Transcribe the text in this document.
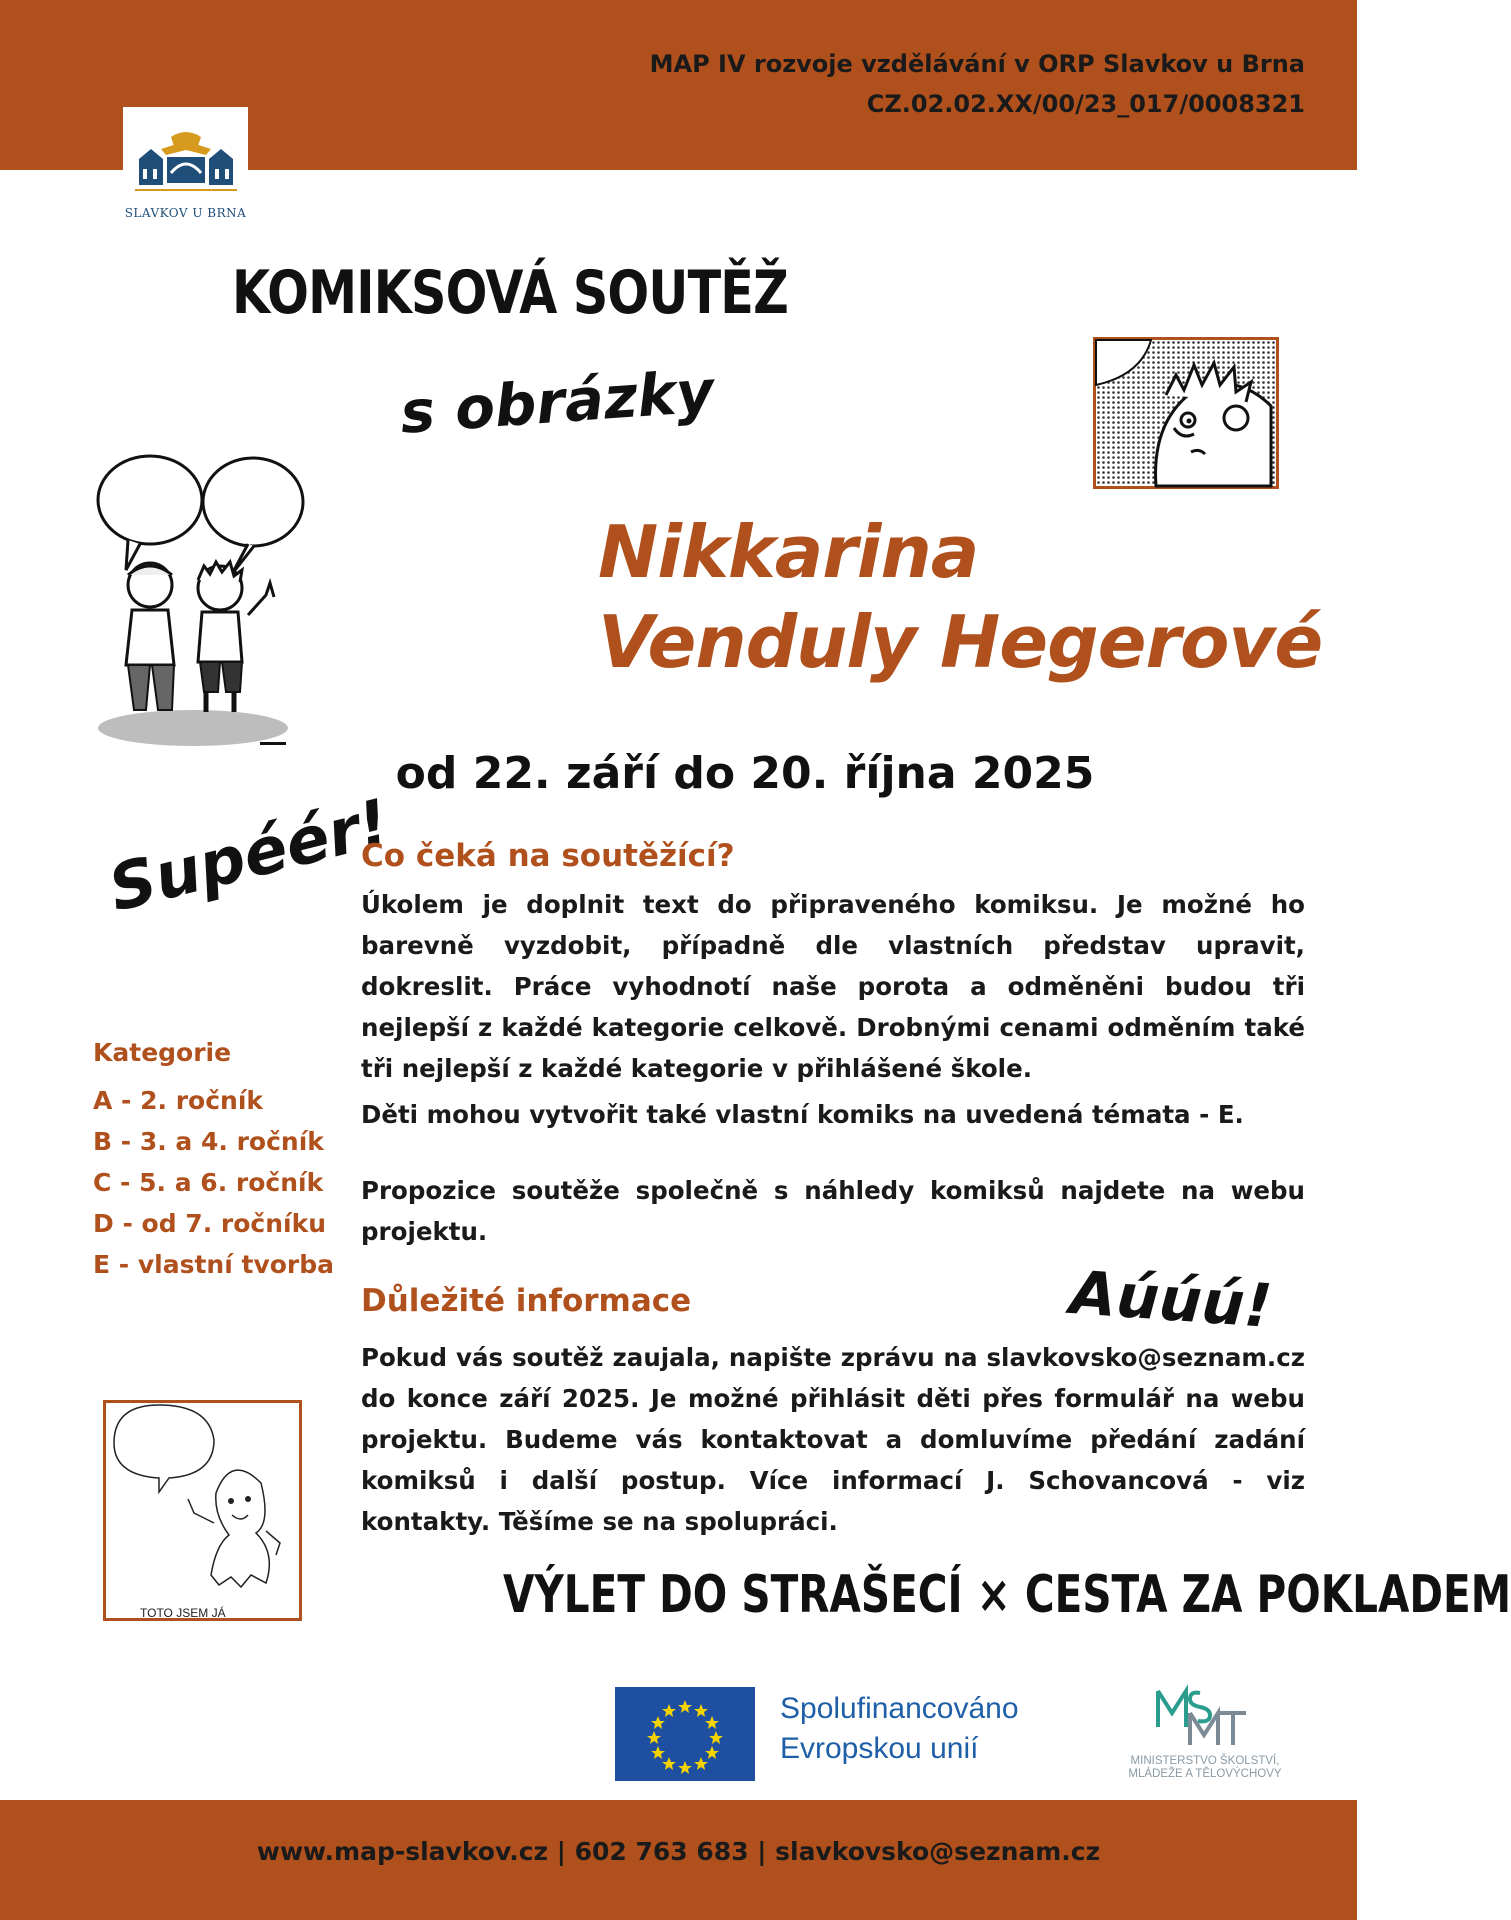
MAP IV rozvoje vzdělávání v ORP Slavkov u Brna
CZ.02.02.XX/00/23_017/0008321
SLAVKOV U BRNA
KOMIKSOVÁ SOUTĚŽ
s obrázky
Nikkarina
Venduly Hegerové
od 22. září do 20. října 2025
Supéér!
Aúúú!
Kategorie
A - 2. ročník
B - 3. a 4. ročník
C - 5. a 6. ročník
D - od 7. ročníku
E - vlastní tvorba
Co čeká na soutěžící?
Úkolem je doplnit text do připraveného komiksu. Je možné ho barevně vyzdobit, případně dle vlastních představ upravit, dokreslit. Práce vyhodnotí naše porota a odměněni budou tři nejlepší z každé kategorie celkově. Drobnými cenami odměním také tři nejlepší z každé kategorie v přihlášené škole.
Děti mohou vytvořit také vlastní komiks na uvedená témata - E.
Propozice soutěže společně s náhledy komiksů najdete na webu projektu.
Důležité informace
Pokud vás soutěž zaujala, napište zprávu na slavkovsko@seznam.cz do konce září 2025. Je možné přihlásit děti přes formulář na webu projektu. Budeme vás kontaktovat a domluvíme předání zadání komiksů i další postup. Více informací J. Schovancová - viz kontakty. Těšíme se na spolupráci.
TOTO JSEM JÁ	VÝLET DO STRAŠECÍ × CESTA ZA POKLADEM
Spolufinancováno
Evropskou unií	MINISTERSTVO ŠKOLSTVÍ,
MLÁDEŽE A TĚLOVÝCHOVY
www.map-slavkov.cz | 602 763 683 | slavkovsko@seznam.cz
